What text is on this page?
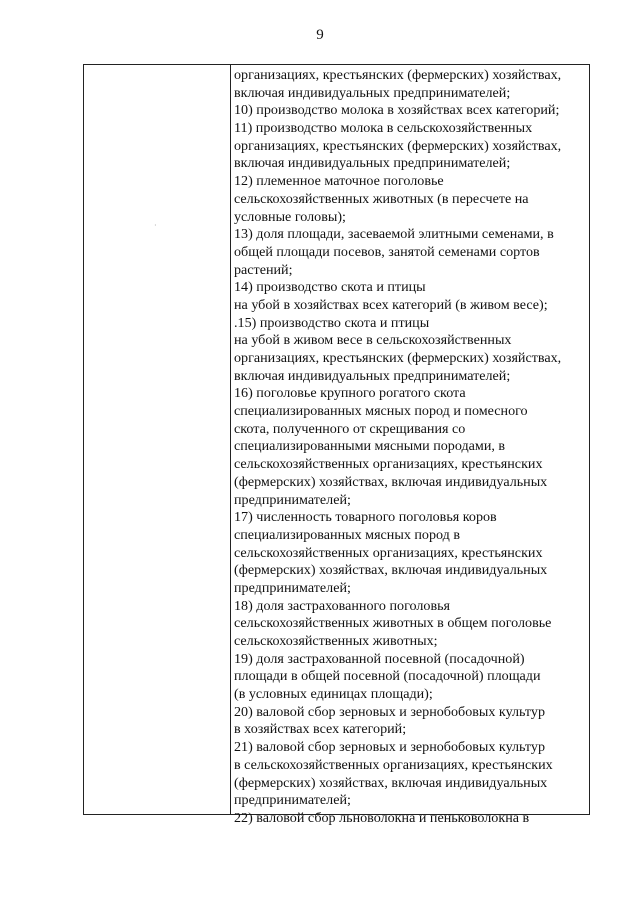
9
·
организациях, крестьянских (фермерских) хозяйствах,
включая индивидуальных предпринимателей;
10) производство молока в хозяйствах всех категорий;
11) производство молока в сельскохозяйственных
организациях, крестьянских (фермерских) хозяйствах,
включая индивидуальных предпринимателей;
12) племенное маточное поголовье
сельскохозяйственных животных (в пересчете на
условные головы);
13) доля площади, засеваемой элитными семенами, в
общей площади посевов, занятой семенами сортов
растений;
14) производство скота и птицы
на убой в хозяйствах всех категорий (в живом весе);
.15) производство скота и птицы
на убой в живом весе в сельскохозяйственных
организациях, крестьянских (фермерских) хозяйствах,
включая индивидуальных предпринимателей;
16) поголовье крупного рогатого скота
специализированных мясных пород и помесного
скота, полученного от скрещивания со
специализированными мясными породами, в
сельскохозяйственных организациях, крестьянских
(фермерских) хозяйствах, включая индивидуальных
предпринимателей;
17) численность товарного поголовья коров
специализированных мясных пород в
сельскохозяйственных организациях, крестьянских
(фермерских) хозяйствах, включая индивидуальных
предпринимателей;
18) доля застрахованного поголовья
сельскохозяйственных животных в общем поголовье
сельскохозяйственных животных;
19) доля застрахованной посевной (посадочной)
площади в общей посевной (посадочной) площади
(в условных единицах площади);
20) валовой сбор зерновых и зернобобовых культур
в хозяйствах всех категорий;
21) валовой сбор зерновых и зернобобовых культур
в сельскохозяйственных организациях, крестьянских
(фермерских) хозяйствах, включая индивидуальных
предпринимателей;
22) валовой сбор льноволокна и пеньковолокна в
